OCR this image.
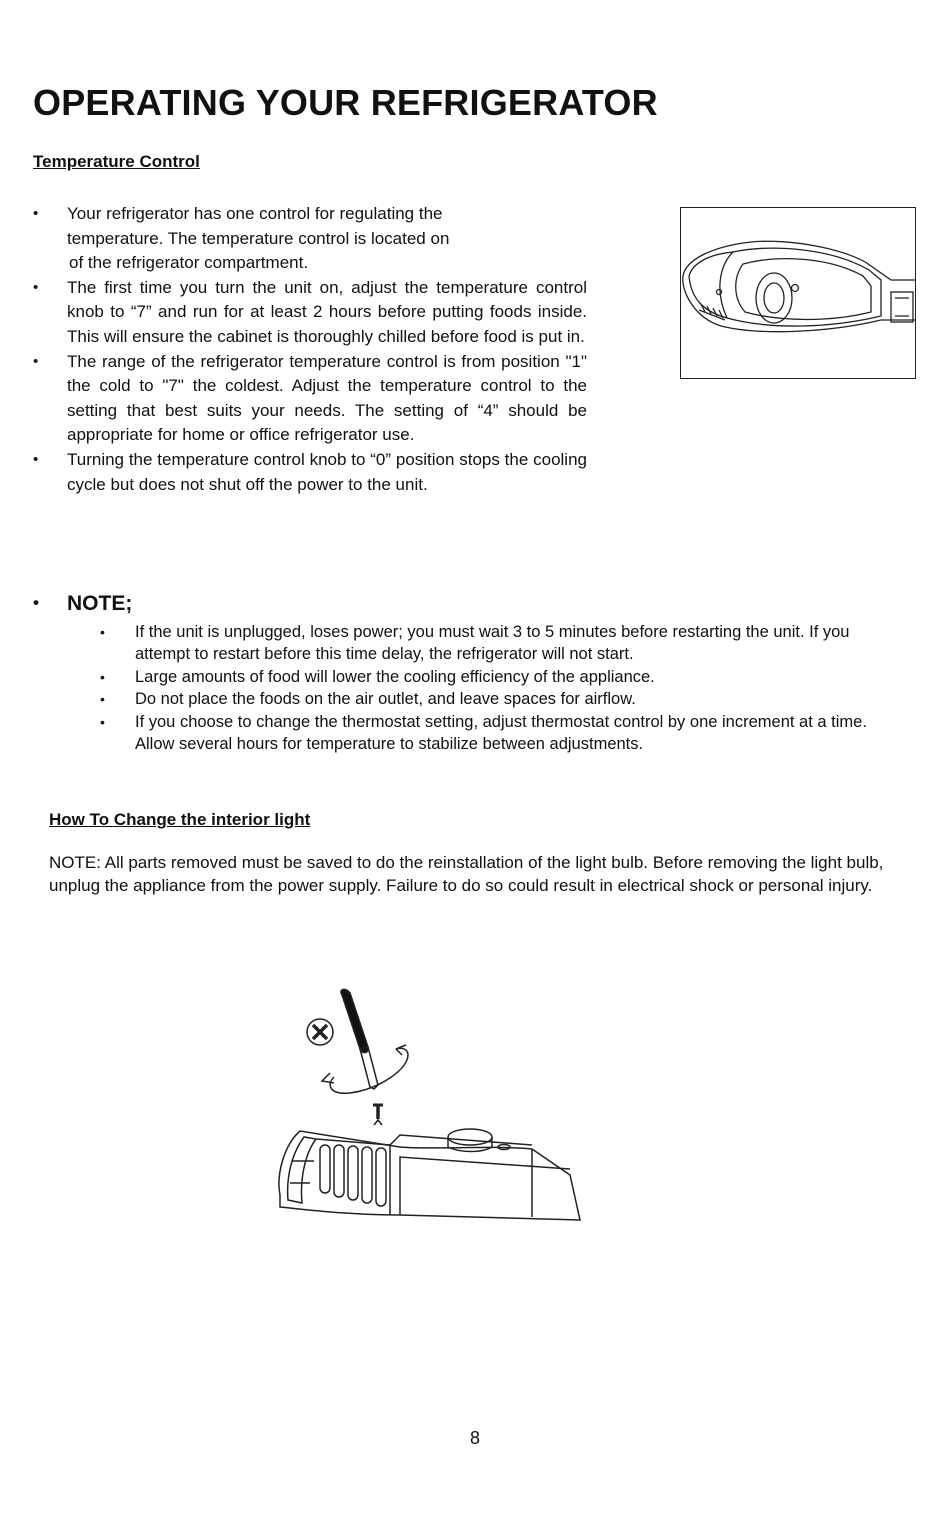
OPERATING YOUR REFRIGERATOR
Temperature Control
• Your refrigerator has one control for regulating the
temperature. The temperature control is located on
of the refrigerator compartment.
• The first time you turn the unit on, adjust the temperature control knob to “7” and run for at least 2 hours before putting foods inside. This will ensure the cabinet is thoroughly chilled before food is put in.
• The range of the refrigerator temperature control is from position "1" the cold to "7" the coldest. Adjust the temperature control to the setting that best suits your needs. The setting of “4” should be appropriate for home or office refrigerator use.
• Turning the temperature control knob to “0” position stops the cooling cycle but does not shut off the power to the unit.
• NOTE;
• If the unit is unplugged, loses power; you must wait 3 to 5 minutes before restarting the unit. If you attempt to restart before this time delay, the refrigerator will not start.
• Large amounts of food will lower the cooling efficiency of the appliance.
• Do not place the foods on the air outlet, and leave spaces for airflow.
• If you choose to change the thermostat setting, adjust thermostat control by one increment at a time. Allow several hours for temperature to stabilize between adjustments.
How To Change the interior light
NOTE: All parts removed must be saved to do the reinstallation of the light bulb. Before removing the light bulb, unplug the appliance from the power supply. Failure to do so could result in electrical shock or personal injury.
8
